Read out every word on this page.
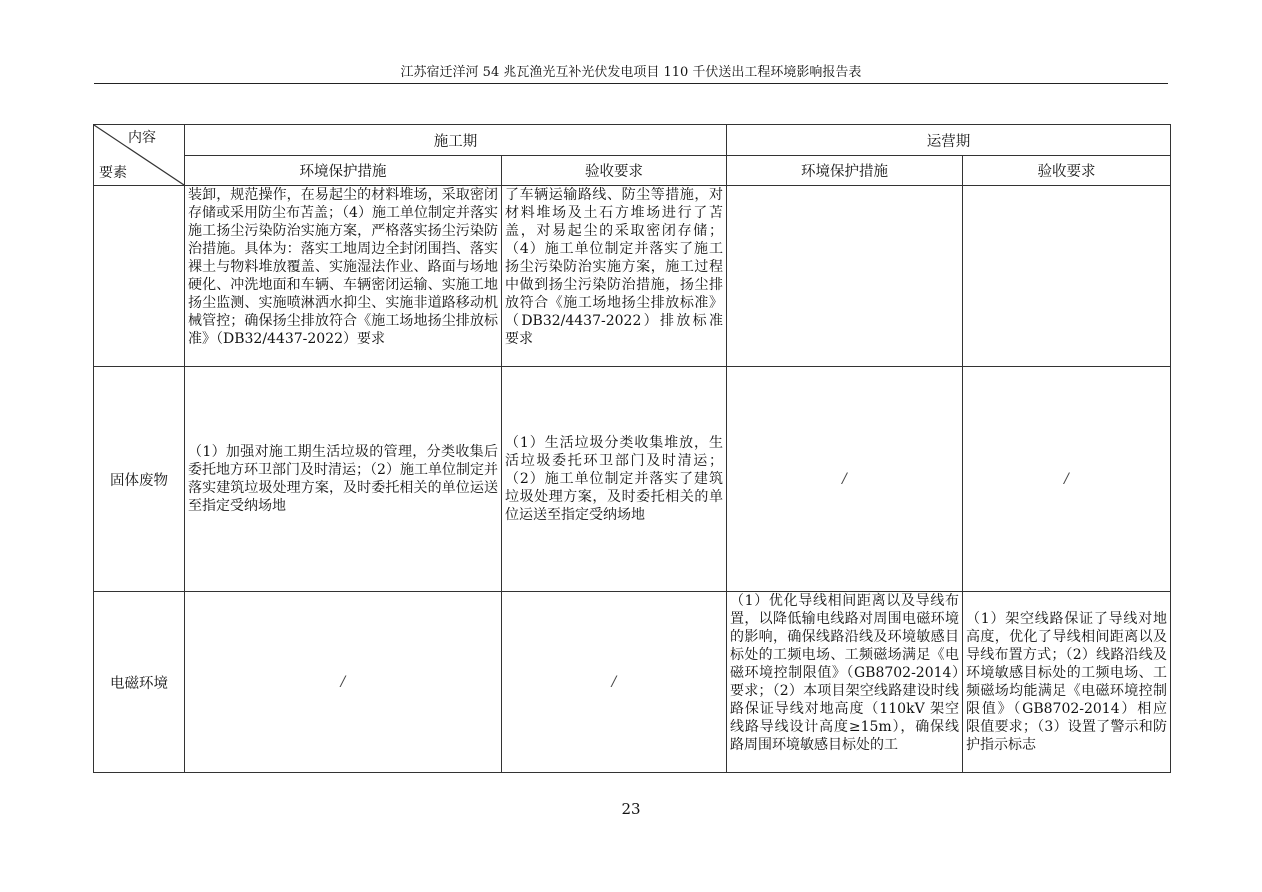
江苏宿迁洋河 54 兆瓦渔光互补光伏发电项目 110 千伏送出工程环境影响报告表
内容
要素	施工期		运营期	
	环境保护措施	验收要求	环境保护措施	验收要求

	装卸，规范操作，在易起尘的材料堆场，采取密闭存储或采用防尘布苫盖；（4）施工单位制定并落实施工扬尘污染防治实施方案，严格落实扬尘污染防治措施。具体为：落实工地周边全封闭围挡、落实裸土与物料堆放覆盖、实施湿法作业、路面与场地硬化、冲洗地面和车辆、车辆密闭运输、实施工地扬尘监测、实施喷淋洒水抑尘、实施非道路移动机械管控；确保扬尘排放符合《施工场地扬尘排放标准》（DB32/4437-2022）要求	了车辆运输路线、防尘等措施，对材料堆场及土石方堆场进行了苫盖，对易起尘的采取密闭存储；（4）施工单位制定并落实了施工扬尘污染防治实施方案，施工过程中做到扬尘污染防治措施，扬尘排放符合《施工场地扬尘排放标准》（DB32/4437-2022）排放标准要求		

固体废物	（1）加强对施工期生活垃圾的管理，分类收集后委托地方环卫部门及时清运；（2）施工单位制定并落实建筑垃圾处理方案，及时委托相关的单位运送至指定受纳场地	（1）生活垃圾分类收集堆放，生活垃圾委托环卫部门及时清运；（2）施工单位制定并落实了建筑垃圾处理方案，及时委托相关的单位运送至指定受纳场地	/	/
电磁环境	/	/	（1）优化导线相间距离以及导线布置，以降低输电线路对周围电磁环境的影响，确保线路沿线及环境敏感目标处的工频电场、工频磁场满足《电磁环境控制限值》（GB8702-2014）要求；（2）本项目架空线路建设时线路保证导线对地高度（110kV 架空线路导线设计高度≥15m），确保线路周围环境敏感目标处的工	（1）架空线路保证了导线对地高度，优化了导线相间距离以及导线布置方式；（2）线路沿线及环境敏感目标处的工频电场、工频磁场均能满足《电磁环境控制限值》（GB8702-2014）相应限值要求；（3）设置了警示和防护指示标志
23
